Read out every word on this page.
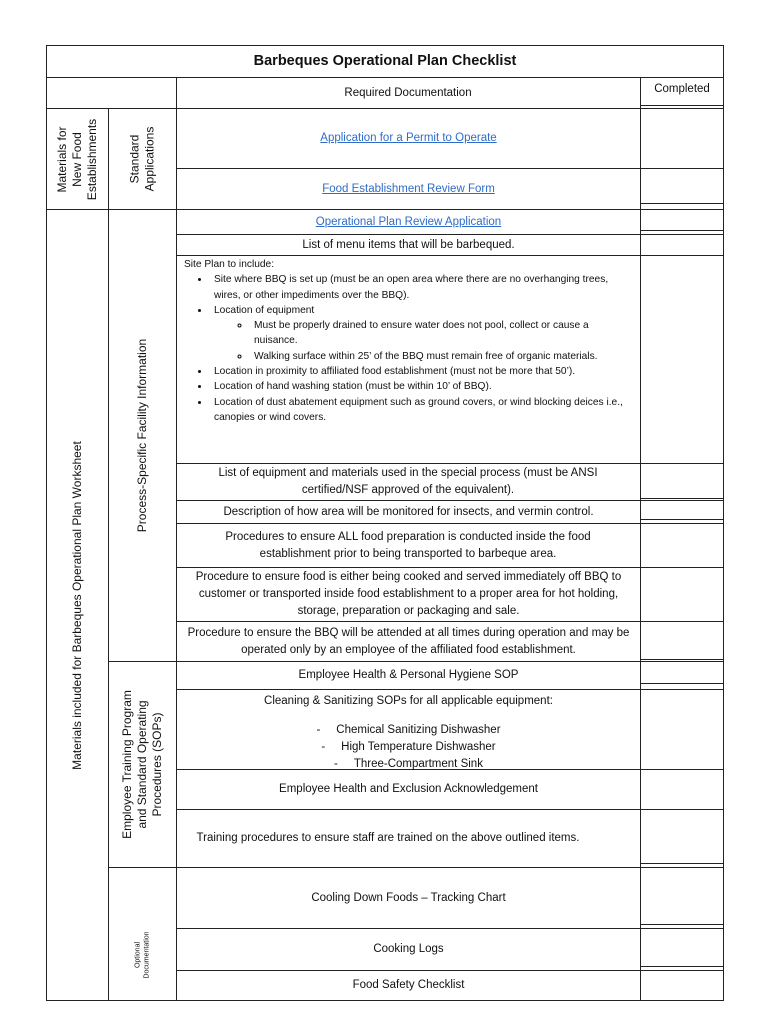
Barbeques Operational Plan Checklist
Required Documentation	Completed
Materials for
New Food
Establishments Standard
Applications
Materials included for Barbeques Operational Plan Worksheet
Process-Specific Facility Information
Employee Training Program
and Standard Operating
Procedures (SOPs)
Optional
Documentation
Application for a Permit to Operate
Food Establishment Review Form
Operational Plan Review Application
List of menu items that will be barbequed.
Site Plan to include:
• Site where BBQ is set up (must be an open area where there are no overhanging trees, wires, or other impediments over the BBQ).
• Location of equipment
◦ Must be properly drained to ensure water does not pool, collect or cause a nuisance.
◦ Walking surface within 25’ of the BBQ must remain free of organic materials.
• Location in proximity to affiliated food establishment (must not be more that 50’).
• Location of hand washing station (must be within 10’ of BBQ).
• Location of dust abatement equipment such as ground covers, or wind blocking deices i.e., canopies or wind covers.
List of equipment and materials used in the special process (must be ANSI certified/NSF approved of the equivalent).
Description of how area will be monitored for insects, and vermin control.
Procedures to ensure ALL food preparation is conducted inside the food establishment prior to being transported to barbeque area.
Procedure to ensure food is either being cooked and served immediately off BBQ to customer or transported inside food establishment to a proper area for hot holding, storage, preparation or packaging and sale.
Procedure to ensure the BBQ will be attended at all times during operation and may be operated only by an employee of the affiliated food establishment.
Employee Health & Personal Hygiene SOP
Cleaning & Sanitizing SOPs for all applicable equipment:
-     Chemical Sanitizing Dishwasher
-     High Temperature Dishwasher
-     Three-Compartment Sink
Employee Health and Exclusion Acknowledgement
Training procedures to ensure staff are trained on the above outlined items.
Cooling Down Foods – Tracking Chart
Cooking Logs
Food Safety Checklist
